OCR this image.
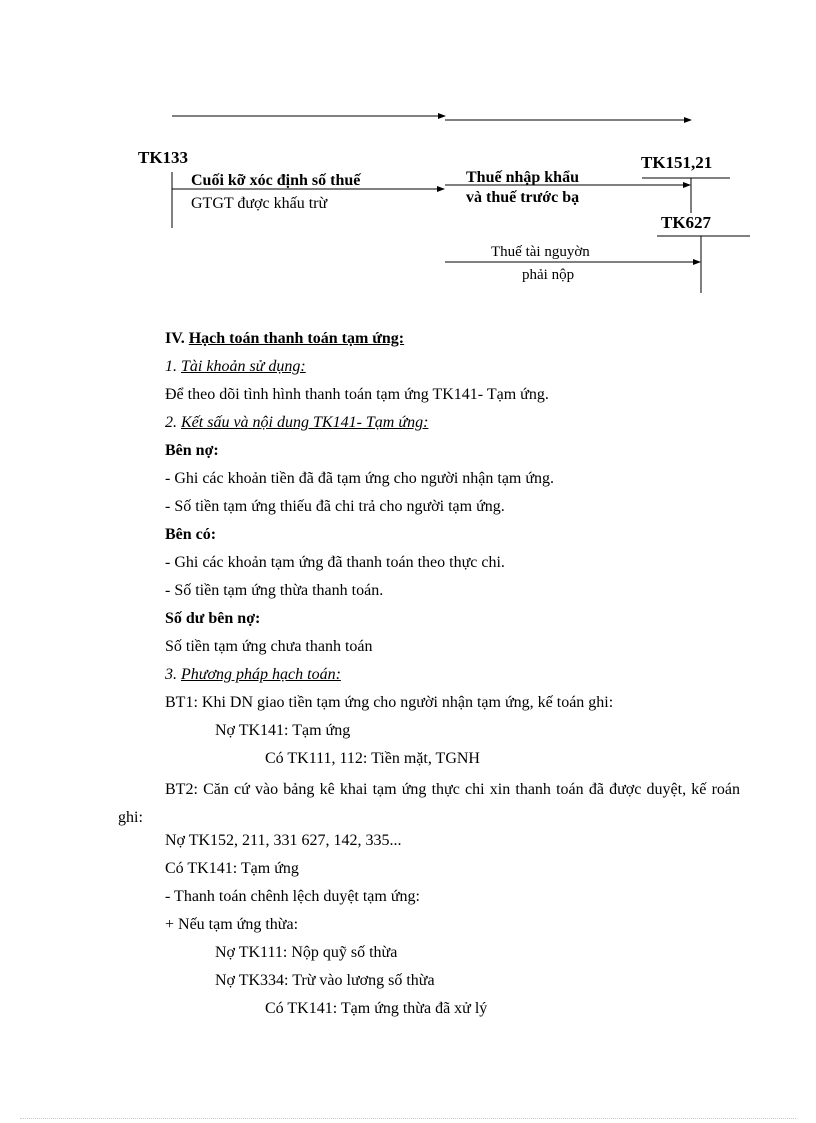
TK133	TK151,21
TK627
Cuối kỡ xóc định số thuế
GTGT được khấu trừ
Thuế nhập khẩu
và thuế trước bạ
Thuế tài nguyờn
phải nộp
IV. Hạch toán thanh toán tạm ứng:
1. Tài khoản sử dụng:
Để theo dõi tình hình thanh toán tạm ứng TK141- Tạm ứng.
2. Kết sấu và nội dung TK141- Tạm ứng:
Bên nợ:
- Ghi các khoản tiền đã đã tạm ứng cho người nhận tạm ứng.
- Số tiền tạm ứng thiếu đã chi trả cho người tạm ứng.
Bên có:
- Ghi các khoản tạm ứng đã thanh toán theo thực chi.
- Số tiền tạm ứng thừa thanh toán.
Số dư bên nợ:
Số tiền tạm ứng chưa thanh toán
3. Phương pháp hạch toán:
BT1: Khi DN giao tiền tạm ứng cho người nhận tạm ứng, kế toán ghi:
Nợ TK141: Tạm ứng
Có TK111, 112: Tiền mặt, TGNH
BT2: Căn cứ vào bảng kê khai tạm ứng thực chi xin thanh toán đã được duyệt, kế roán ghi:
Nợ TK152, 211, 331 627, 142, 335...
Có TK141: Tạm ứng
- Thanh toán chênh lệch duyệt tạm ứng:
+ Nếu tạm ứng thừa:
Nợ TK111: Nộp quỹ số thừa
Nợ TK334: Trừ vào lương số thừa
Có TK141: Tạm ứng thừa đã xử lý
